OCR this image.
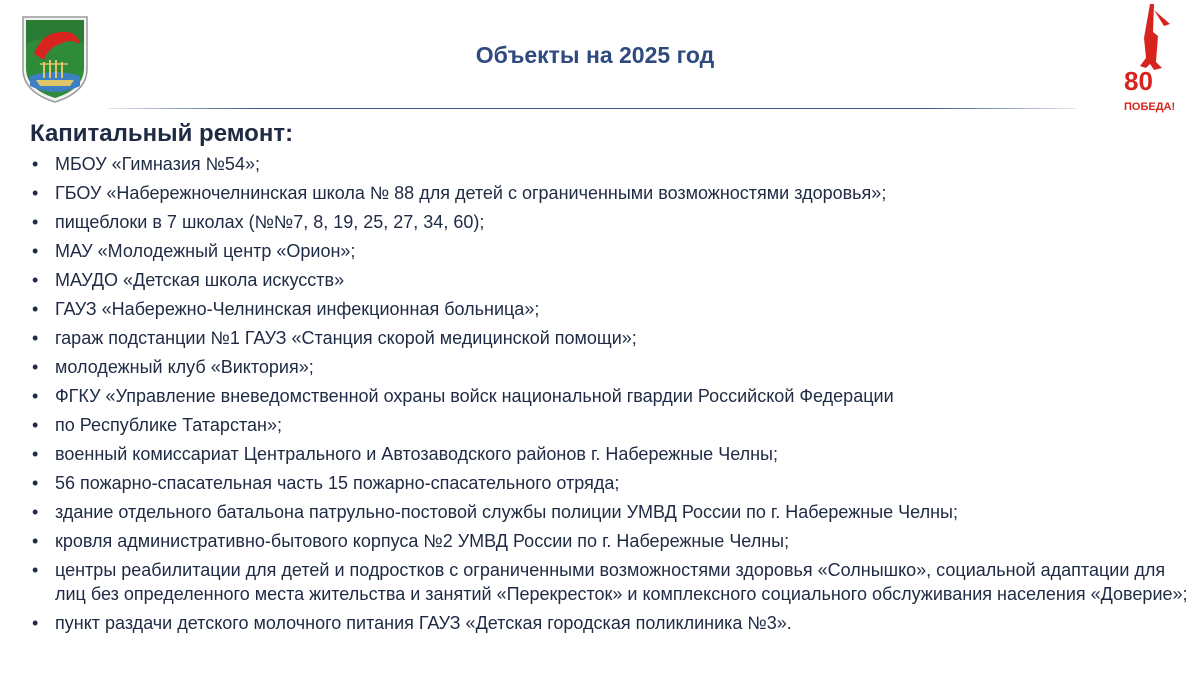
Объекты на 2025 год
80
ПОБЕДА!
Капитальный ремонт:
• МБОУ «Гимназия №54»;
• ГБОУ «Набережночелнинская школа № 88 для детей с ограниченными возможностями здоровья»;
• пищеблоки в 7 школах (№№7, 8, 19, 25, 27, 34, 60);
• МАУ «Молодежный центр «Орион»;
• МАУДО «Детская школа искусств»
• ГАУЗ «Набережно-Челнинская инфекционная больница»;
• гараж подстанции №1 ГАУЗ «Станция скорой медицинской помощи»;
• молодежный клуб «Виктория»;
• ФГКУ «Управление вневедомственной охраны войск национальной гвардии Российской Федерации
• по Республике Татарстан»;
• военный комиссариат Центрального и Автозаводского районов г. Набережные Челны;
• 56 пожарно-спасательная часть 15 пожарно-спасательного отряда;
• здание отдельного батальона патрульно-постовой службы полиции УМВД России по г. Набережные Челны;
• кровля административно-бытового корпуса №2 УМВД России по г. Набережные Челны;
• центры реабилитации для детей и подростков с ограниченными возможностями здоровья «Солнышко», социальной адаптации для лиц без определенного места жительства и занятий «Перекресток» и комплексного социального обслуживания населения «Доверие»;
• пункт раздачи детского молочного питания ГАУЗ «Детская городская поликлиника №3».
